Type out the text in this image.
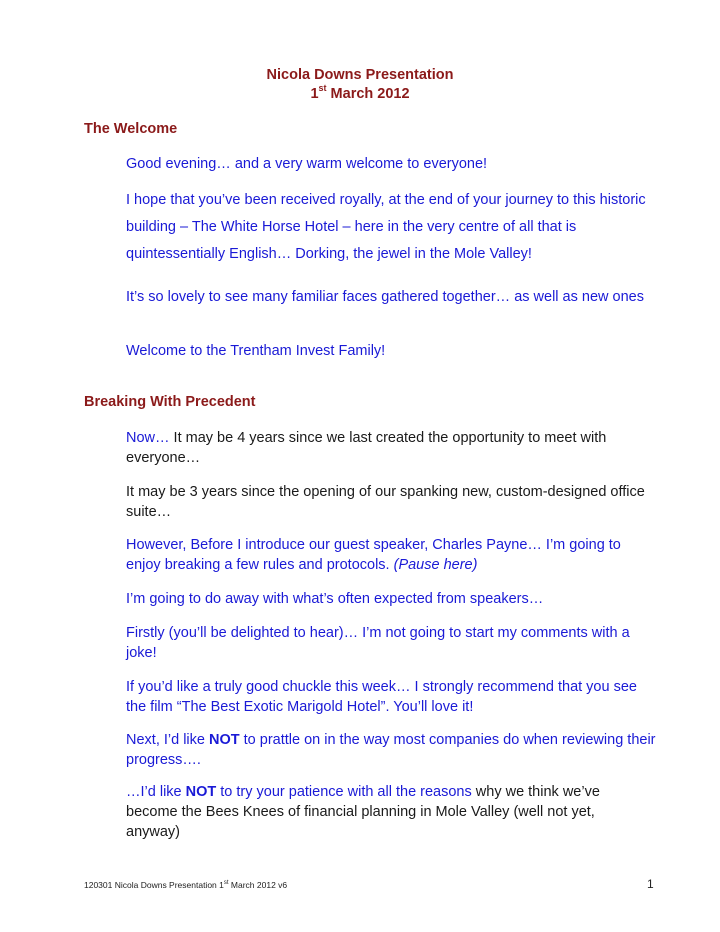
Nicola Downs Presentation
1st March 2012
The Welcome
Good evening… and a very warm welcome to everyone!
I hope that you’ve been received royally, at the end of your journey to this historic building – The White Horse Hotel – here in the very centre of all that is quintessentially English… Dorking, the jewel in the Mole Valley!
It’s so lovely to see many familiar faces gathered together… as well as new ones
Welcome to the Trentham Invest Family!
Breaking With Precedent
Now… It may be 4 years since we last created the opportunity to meet with everyone…
It may be 3 years since the opening of our spanking new, custom-designed office suite…
However, Before I introduce our guest speaker, Charles Payne… I’m going to enjoy breaking a few rules and protocols. (Pause here)
I’m going to do away with what’s often expected from speakers…
Firstly (you’ll be delighted to hear)… I’m not going to start my comments with a joke!
If you’d like a truly good chuckle this week… I strongly recommend that you see the film “The Best Exotic Marigold Hotel”. You’ll love it!
Next, I’d like NOT to prattle on in the way most companies do when reviewing their progress….
…I’d like NOT to try your patience with all the reasons why we think we’ve become the Bees Knees of financial planning in Mole Valley (well not yet, anyway)
120301 Nicola Downs Presentation 1st March 2012 v6	1
